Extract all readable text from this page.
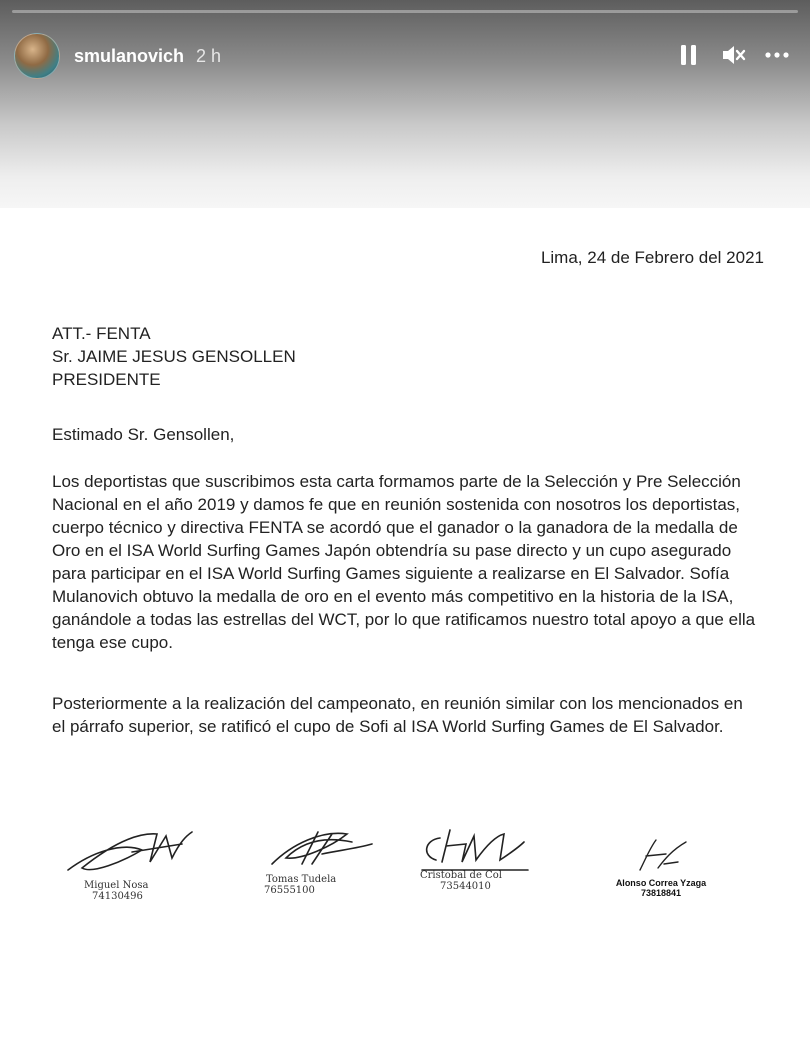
smulanovich 2 h
Lima, 24 de Febrero del 2021
ATT.- FENTA
Sr. JAIME JESUS GENSOLLEN
PRESIDENTE
Estimado Sr. Gensollen,

Los deportistas que suscribimos esta carta formamos parte de la Selección y Pre Selección Nacional en el año 2019 y damos fe que en reunión sostenida con nosotros los deportistas, cuerpo técnico y directiva FENTA se acordó que el ganador o la ganadora de la medalla de Oro en el ISA World Surfing Games Japón obtendría su pase directo y un cupo asegurado para participar en el ISA World Surfing Games siguiente a realizarse en El Salvador. Sofía Mulanovich obtuvo la medalla de oro en el evento más competitivo en la historia de la ISA, ganándole a todas las estrellas del WCT, por lo que ratificamos nuestro total apoyo a que ella tenga ese cupo.

Posteriormente a la realización del campeonato, en reunión similar con los mencionados en el párrafo superior, se ratificó el cupo de Sofi al ISA World Surfing Games de El Salvador.

Miguel Nosa
74130496
Tomas Tudela
76555100
Cristobal de Col
73544010	Alonso Correa Yzaga
73818841
